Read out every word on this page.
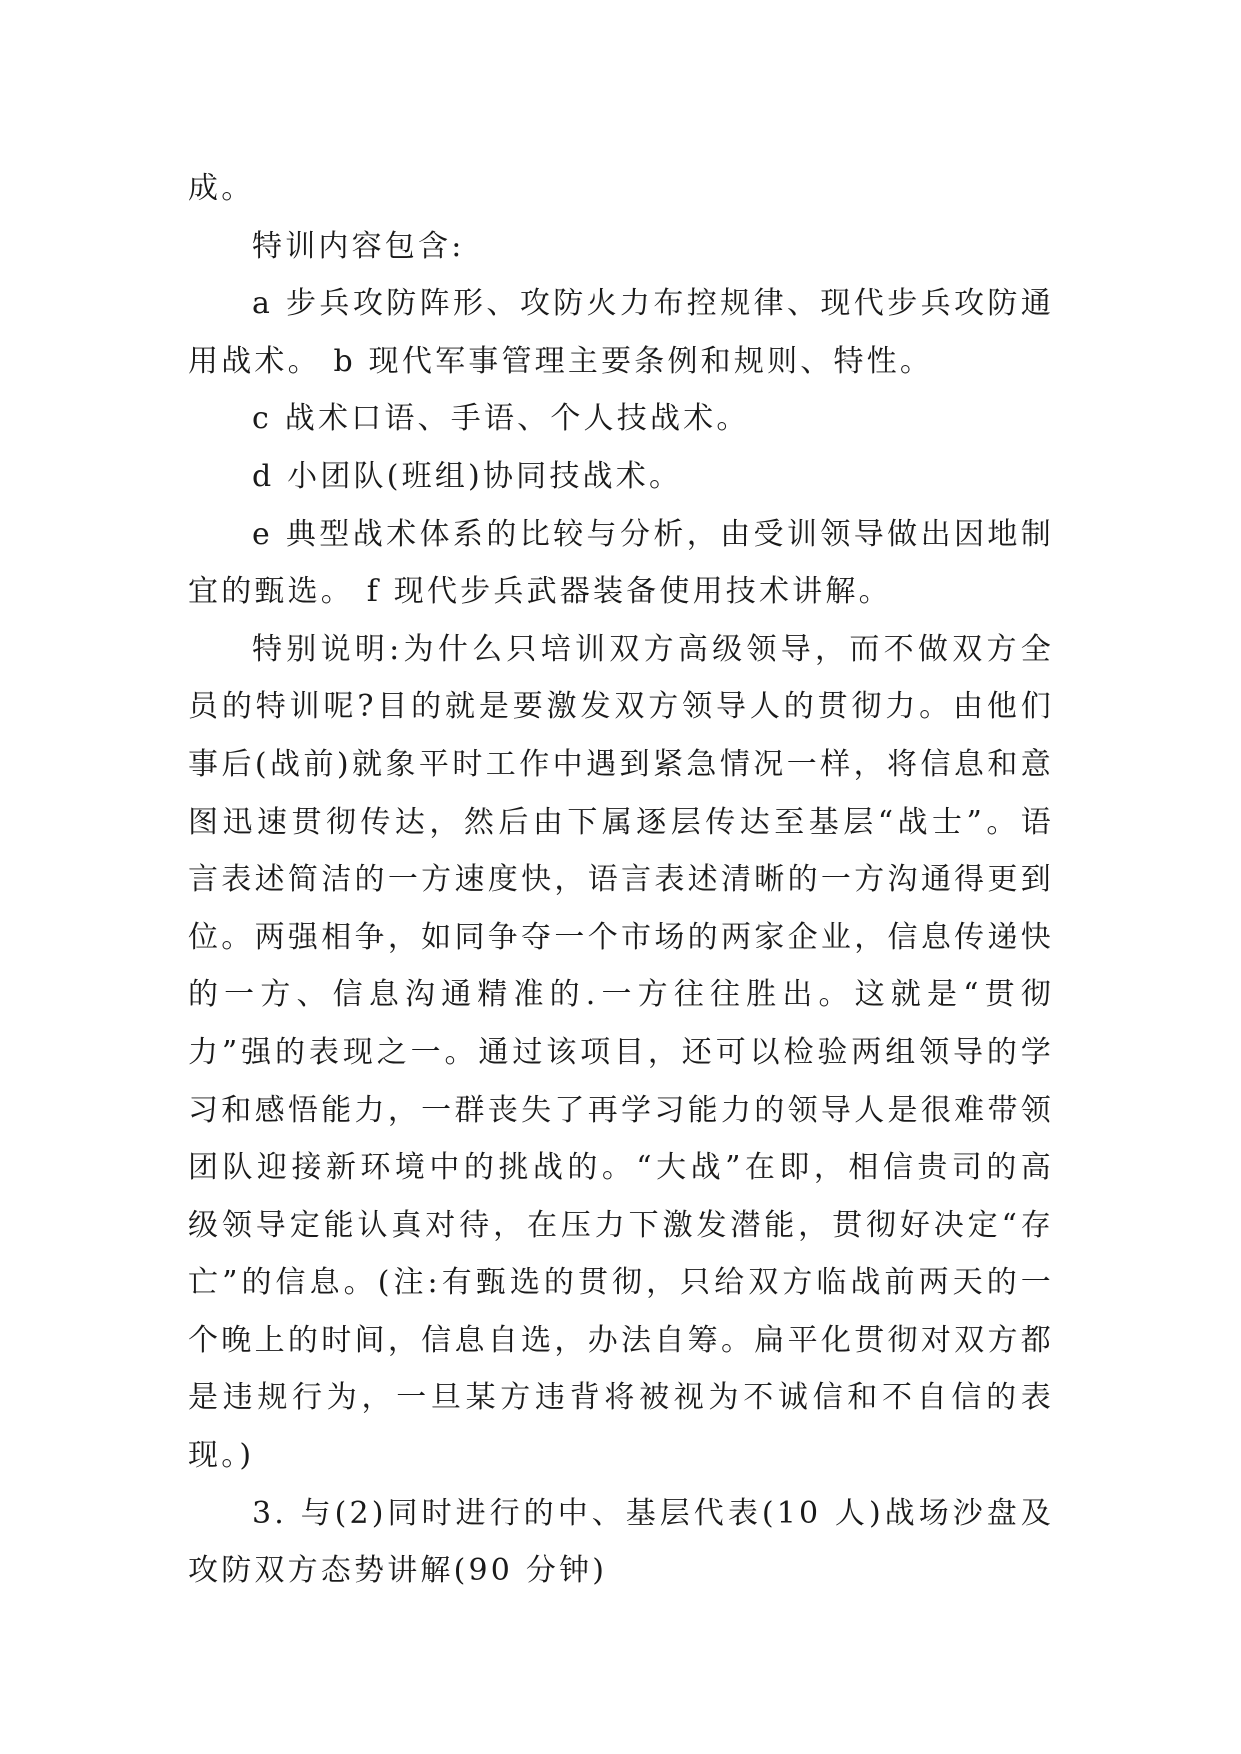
成。

特训内容包含:

a 步兵攻防阵形、攻防火力布控规律、现代步兵攻防通用战术。 b 现代军事管理主要条例和规则、特性。

c 战术口语、手语、个人技战术。

d 小团队(班组)协同技战术。

e 典型战术体系的比较与分析，由受训领导做出因地制宜的甄选。 f 现代步兵武器装备使用技术讲解。

特别说明:为什么只培训双方高级领导，而不做双方全员的特训呢?目的就是要激发双方领导人的贯彻力。由他们事后(战前)就象平时工作中遇到紧急情况一样，将信息和意图迅速贯彻传达，然后由下属逐层传达至基层“战士”。语言表述简洁的一方速度快，语言表述清晰的一方沟通得更到位。两强相争，如同争夺一个市场的两家企业，信息传递快的一方、信息沟通精准的.一方往往胜出。这就是“贯彻力”强的表现之一。通过该项目，还可以检验两组领导的学习和感悟能力，一群丧失了再学习能力的领导人是很难带领团队迎接新环境中的挑战的。“大战”在即，相信贵司的高级领导定能认真对待，在压力下激发潜能，贯彻好决定“存亡”的信息。(注:有甄选的贯彻，只给双方临战前两天的一个晚上的时间，信息自选，办法自筹。扁平化贯彻对双方都是违规行为，一旦某方违背将被视为不诚信和不自信的表现。)

3. 与(2)同时进行的中、基层代表(10 人)战场沙盘及攻防双方态势讲解(90 分钟)
